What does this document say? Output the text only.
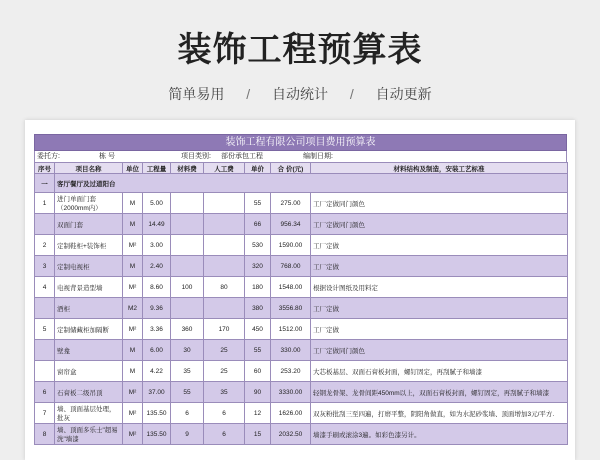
装饰工程预算表
简单易用 / 自动统计 / 自动更新
装饰工程有限公司项目费用预算表
委托方:	栋 号	项目类别: 部份承包工程	编制日期:
序号	项目名称	单位	工程量	材料费	人工费	单价	合 价(元)	材料结构及制造，安装工艺标准
一	客厅餐厅及过道阳台							
1	进门单面门套（2000mm内）	M	5.00			55	275.00	工厂定做同门颜色
	双面门套	M	14.49			66	956.34	工厂定做同门颜色
2	定制鞋柜+装饰柜	M²	3.00			530	1590.00	工厂定做
3	定制电视柜	M	2.40			320	768.00	工厂定做
4	电视背景造型墙	M²	8.60	100	80	180	1548.00	根据设计图纸及用料定
	酒柜	M2	9.36			380	3556.80	工厂定做
5	定制储藏柜加隔断	M²	3.36	360	170	450	1512.00	工厂定做
	壁龛	M	6.00	30	25	55	330.00	工厂定做同门颜色
	窗帘盒	M	4.22	35	25	60	253.20	大芯板基层、双面石膏板封面，螺钉固定，再刮腻子和墙漆
6	石膏板二级吊顶	M²	37.00	55	35	90	3330.00	轻钢龙骨架、龙骨间距450mm以上，双面石膏板封面，螺钉固定，再刮腻子和墙漆
7	墙、顶面基层处理，批灰	M²	135.50	6	6	12	1626.00	双灰粉批刮三至四遍，打磨平整，阴阳角做直，如为水泥砂浆墙、顶面增加3元/平方.
8	墙、顶面多乐士"超易洗"墙漆	M²	135.50	9	6	15	2032.50	墙漆手刷或滚涂3遍。如彩色漆另计。
